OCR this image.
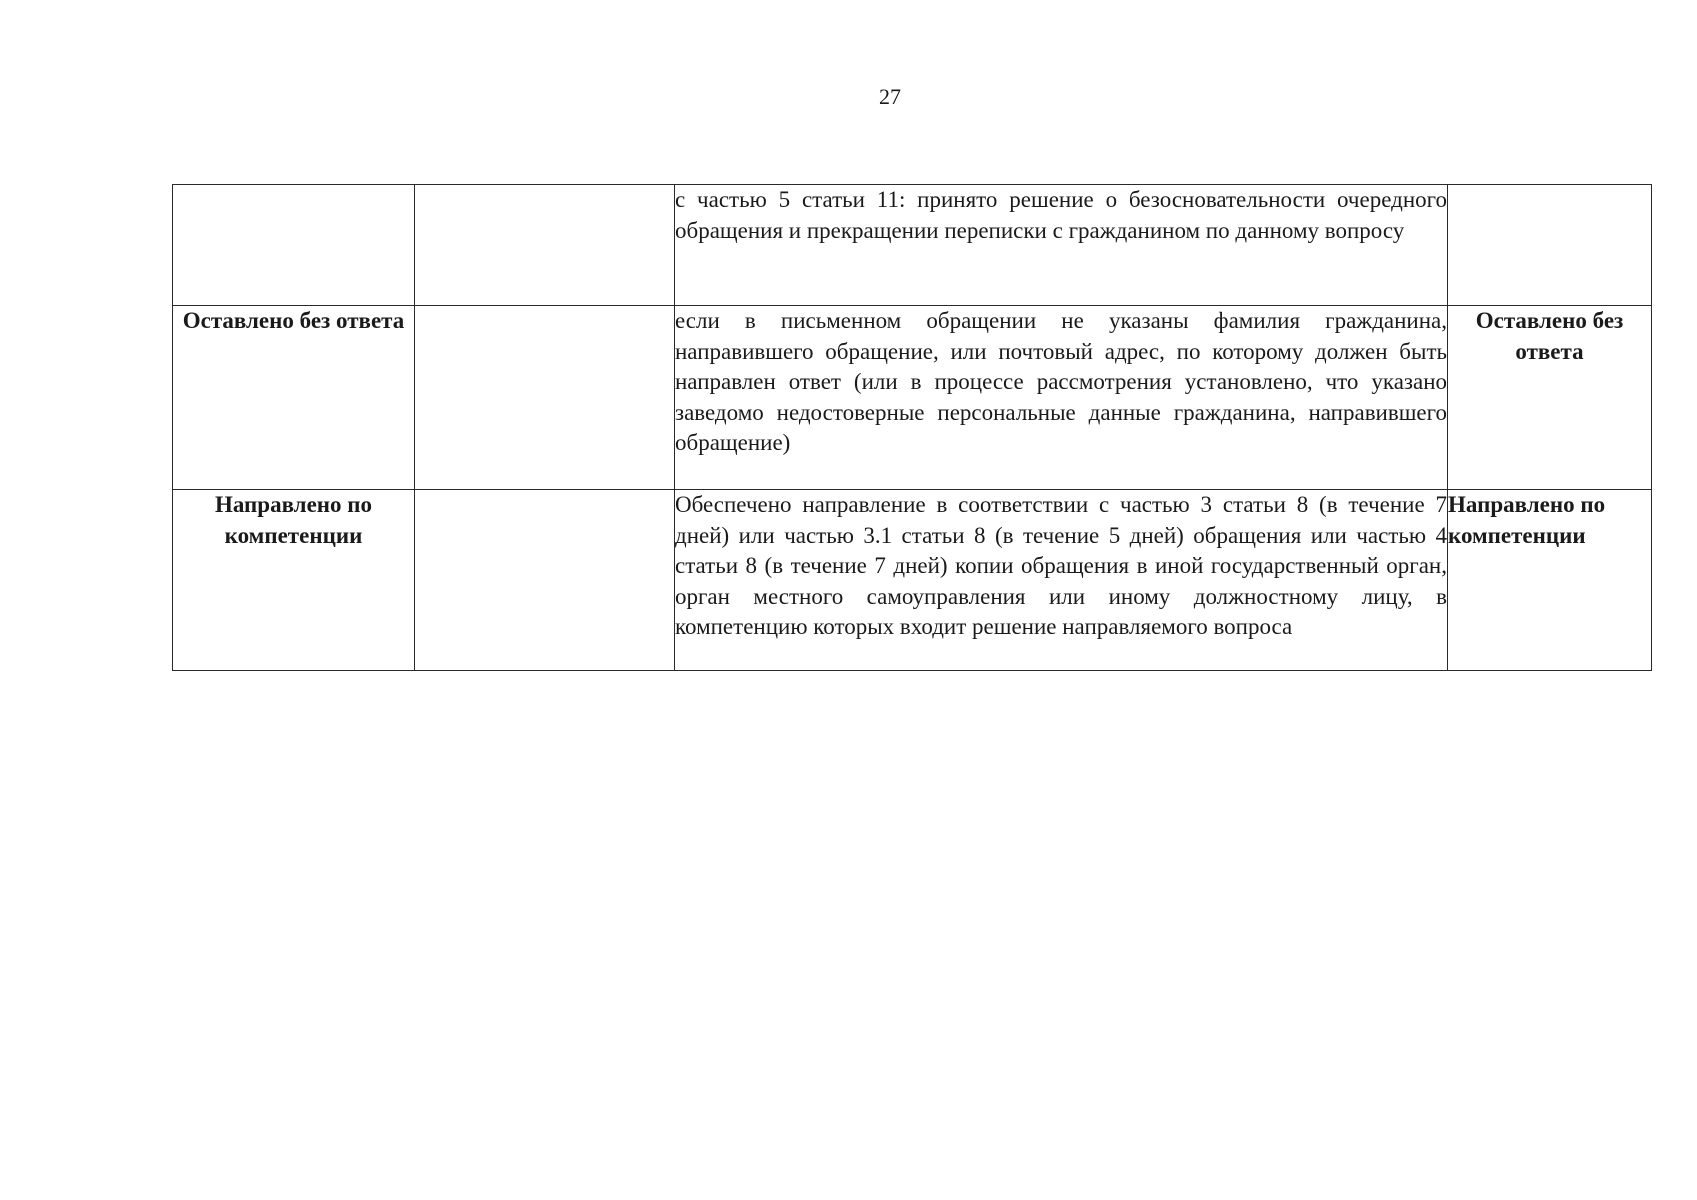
27
		с частью 5 статьи 11: принято решение о безосновательности очередного обращения и прекращении переписки с гражданином по данному вопросу	
Оставлено без ответа		если в письменном обращении не указаны фамилия гражданина, направившего обращение, или почтовый адрес, по которому должен быть направлен ответ (или в процессе рассмотрения установлено, что указано заведомо недостоверные персональные данные гражданина, направившего обращение)	Оставлено без ответа
Направлено по компетенции		Обеспечено направление в соответствии с частью 3 статьи 8 (в течение 7 дней) или частью 3.1 статьи 8 (в течение 5 дней) обращения или частью 4 статьи 8 (в течение 7 дней) копии обращения в иной государственный орган, орган местного самоуправления или иному должностному лицу, в компетенцию которых входит решение направляемого вопроса	Направлено по компетенции
